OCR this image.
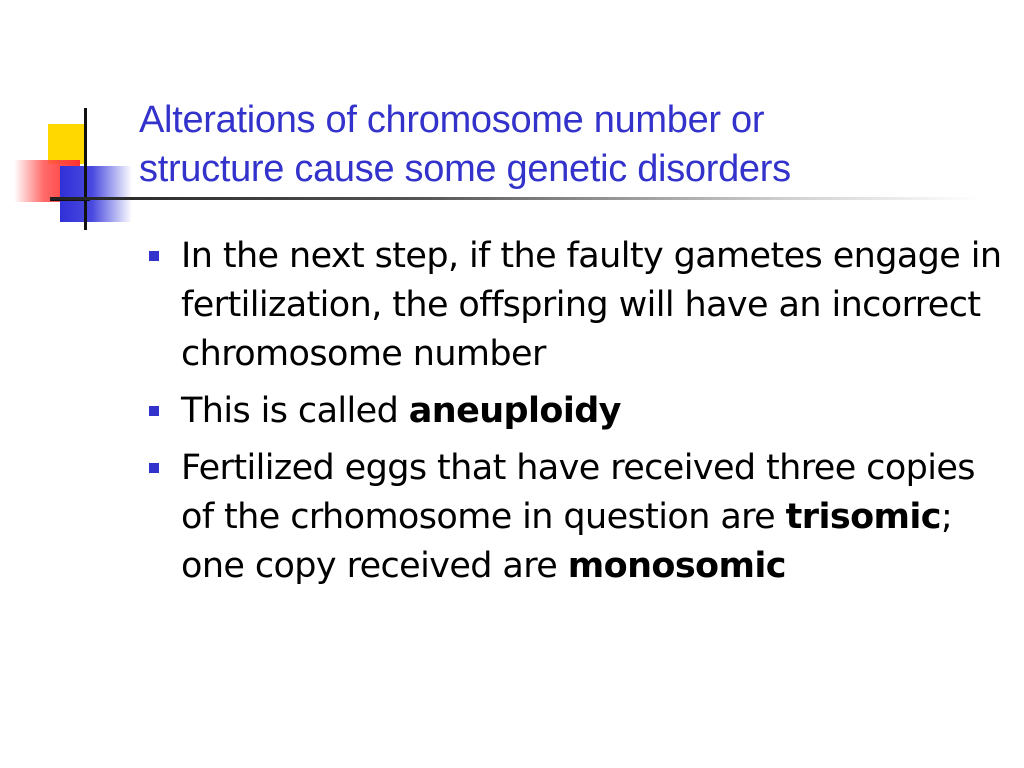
Alterations of chromosome number or
structure cause some genetic disorders
In the next step, if the faulty gametes engage in fertilization, the offspring will have an incorrect chromosome number
This is called aneuploidy
Fertilized eggs that have received three copies of the crhomosome in question are trisomic; one copy received are monosomic
